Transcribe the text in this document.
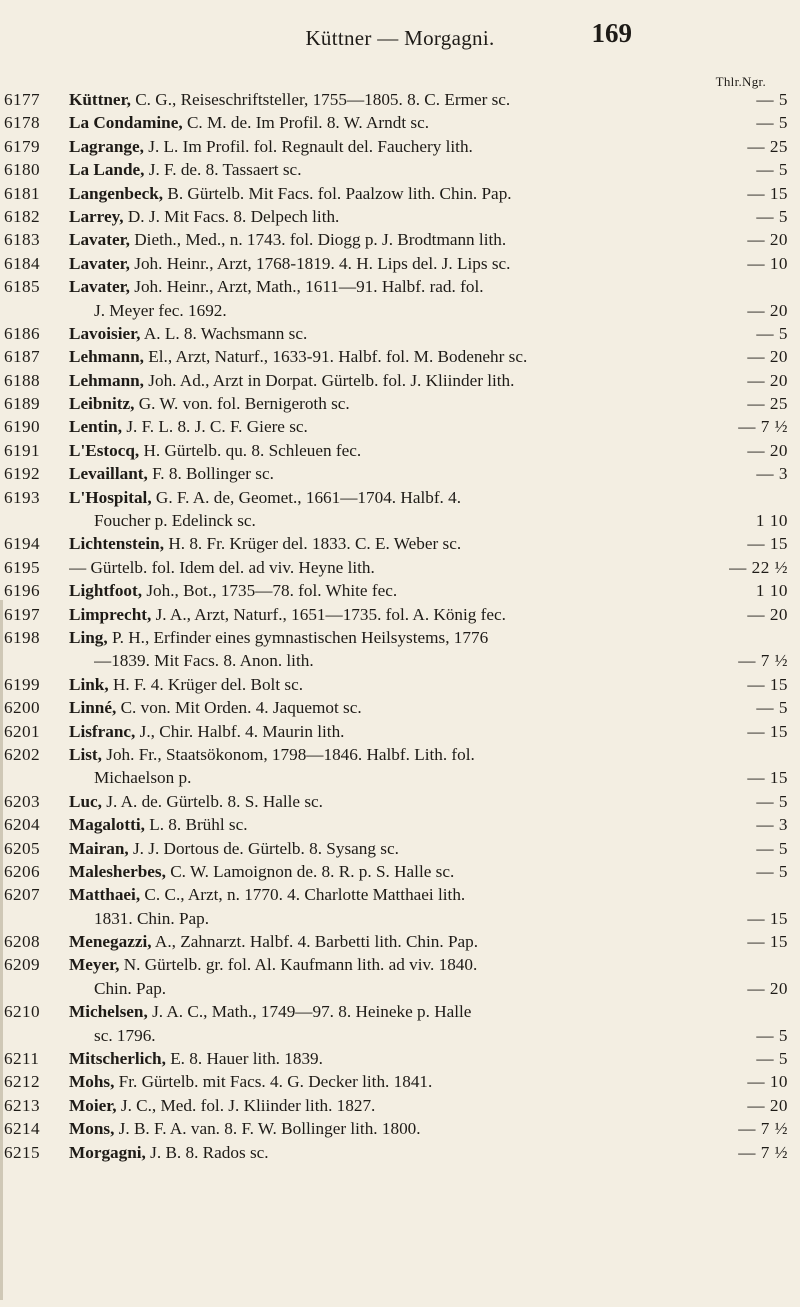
Küttner — Morgagni.	169
Thlr.Ngr.
6177	Küttner, C. G., Reiseschriftsteller, 1755—1805. 8. C. Ermer sc.	— 5
6178	La Condamine, C. M. de. Im Profil. 8. W. Arndt sc.	— 5
6179	Lagrange, J. L. Im Profil. fol. Regnault del. Fauchery lith.	— 25
6180	La Lande, J. F. de. 8. Tassaert sc.	— 5
6181	Langenbeck, B. Gürtelb. Mit Facs. fol. Paalzow lith. Chin. Pap.	— 15
6182	Larrey, D. J. Mit Facs. 8. Delpech lith.	— 5
6183	Lavater, Dieth., Med., n. 1743. fol. Diogg p. J. Brodtmann lith.	— 20
6184	Lavater, Joh. Heinr., Arzt, 1768-1819. 4. H. Lips del. J. Lips sc.	— 10
6185	Lavater, Joh. Heinr., Arzt, Math., 1611—91. Halbf. rad. fol.
J. Meyer fec. 1692.	— 20
6186	Lavoisier, A. L. 8. Wachsmann sc.	— 5
6187	Lehmann, El., Arzt, Naturf., 1633-91. Halbf. fol. M. Bodenehr sc.	— 20
6188	Lehmann, Joh. Ad., Arzt in Dorpat. Gürtelb. fol. J. Kliinder lith.	— 20
6189	Leibnitz, G. W. von. fol. Bernigeroth sc.	— 25
6190	Lentin, J. F. L. 8. J. C. F. Giere sc.	— 7 ½
6191	L'Estocq, H. Gürtelb. qu. 8. Schleuen fec.	— 20
6192	Levaillant, F. 8. Bollinger sc.	— 3
6193	L'Hospital, G. F. A. de, Geomet., 1661—1704. Halbf. 4.
Foucher p. Edelinck sc.	1 10
6194	Lichtenstein, H. 8. Fr. Krüger del. 1833. C. E. Weber sc.	— 15
6195	— Gürtelb. fol. Idem del. ad viv. Heyne lith.	— 22 ½
6196	Lightfoot, Joh., Bot., 1735—78. fol. White fec.	1 10
6197	Limprecht, J. A., Arzt, Naturf., 1651—1735. fol. A. König fec.	— 20
6198	Ling, P. H., Erfinder eines gymnastischen Heilsystems, 1776
—1839. Mit Facs. 8. Anon. lith.	— 7 ½
6199	Link, H. F. 4. Krüger del. Bolt sc.	— 15
6200	Linné, C. von. Mit Orden. 4. Jaquemot sc.	— 5
6201	Lisfranc, J., Chir. Halbf. 4. Maurin lith.	— 15
6202	List, Joh. Fr., Staatsökonom, 1798—1846. Halbf. Lith. fol.
Michaelson p.	— 15
6203	Luc, J. A. de. Gürtelb. 8. S. Halle sc.	— 5
6204	Magalotti, L. 8. Brühl sc.	— 3
6205	Mairan, J. J. Dortous de. Gürtelb. 8. Sysang sc.	— 5
6206	Malesherbes, C. W. Lamoignon de. 8. R. p. S. Halle sc.	— 5
6207	Matthaei, C. C., Arzt, n. 1770. 4. Charlotte Matthaei lith.
1831. Chin. Pap.	— 15
6208	Menegazzi, A., Zahnarzt. Halbf. 4. Barbetti lith. Chin. Pap.	— 15
6209	Meyer, N. Gürtelb. gr. fol. Al. Kaufmann lith. ad viv. 1840.
Chin. Pap.	— 20
6210	Michelsen, J. A. C., Math., 1749—97. 8. Heineke p. Halle
sc. 1796.	— 5
6211	Mitscherlich, E. 8. Hauer lith. 1839.	— 5
6212	Mohs, Fr. Gürtelb. mit Facs. 4. G. Decker lith. 1841.	— 10
6213	Moier, J. C., Med. fol. J. Kliinder lith. 1827.	— 20
6214	Mons, J. B. F. A. van. 8. F. W. Bollinger lith. 1800.	— 7 ½
6215	Morgagni, J. B. 8. Rados sc.	— 7 ½
